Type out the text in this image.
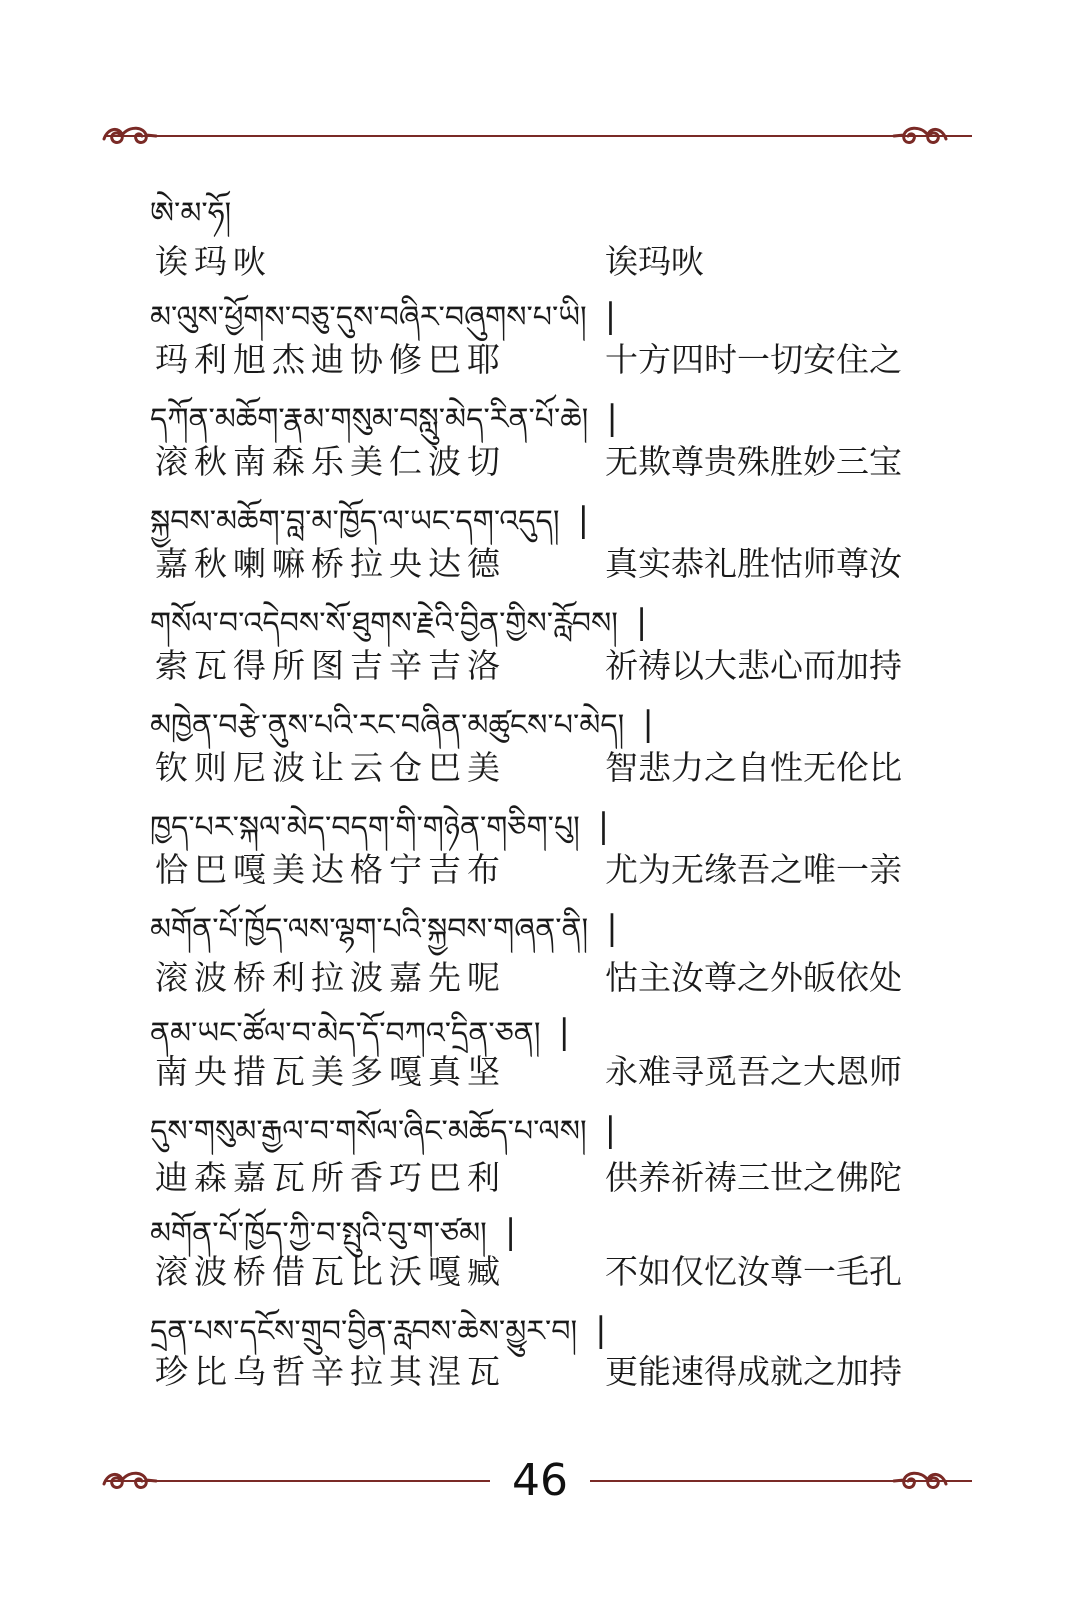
ཨེ་མ་ཧོ།
诶玛吙	诶玛吙
མ་ལུས་ཕྱོགས་བཅུ་དུས་བཞིར་བཞུགས་པ་ཡི། |
玛利旭杰迪协修巴耶	十方四时一切安住之
དཀོན་མཆོག་རྣམ་གསུམ་བསླུ་མེད་རིན་པོ་ཆེ། |
滚秋南森乐美仁波切	无欺尊贵殊胜妙三宝
སྐྱབས་མཆོག་བླ་མ་ཁྱོད་ལ་ཡང་དག་འདུད། |
嘉秋喇嘛桥拉央达德	真实恭礼胜怙师尊汝
གསོལ་བ་འདེབས་སོ་ཐུགས་རྗེའི་བྱིན་གྱིས་རློབས། |
索瓦得所图吉辛吉洛	祈祷以大悲心而加持
མཁྱེན་བརྩེ་ནུས་པའི་རང་བཞིན་མཚུངས་པ་མེད། |
钦则尼波让云仓巴美	智悲力之自性无伦比
ཁྱད་པར་སྐལ་མེད་བདག་གི་གཉེན་གཅིག་པུ། |
恰巴嘎美达格宁吉布	尤为无缘吾之唯一亲
མགོན་པོ་ཁྱོད་ལས་ལྷག་པའི་སྐྱབས་གཞན་ནི། |
滚波桥利拉波嘉先呢	怙主汝尊之外皈依处
ནམ་ཡང་ཚོལ་བ་མེད་དོ་བཀའ་དྲིན་ཅན། |
南央措瓦美多嘎真坚	永难寻觅吾之大恩师
དུས་གསུམ་རྒྱལ་བ་གསོལ་ཞིང་མཆོད་པ་ལས། |
迪森嘉瓦所香巧巴利	供养祈祷三世之佛陀
མགོན་པོ་ཁྱོད་ཀྱི་བ་སྤུའི་བུ་ག་ཙམ། |
滚波桥借瓦比沃嘎臧	不如仅忆汝尊一毛孔
དྲན་པས་དངོས་གྲུབ་བྱིན་རླབས་ཆེས་མྱུར་བ། |
珍比乌哲辛拉其涅瓦	更能速得成就之加持
46
